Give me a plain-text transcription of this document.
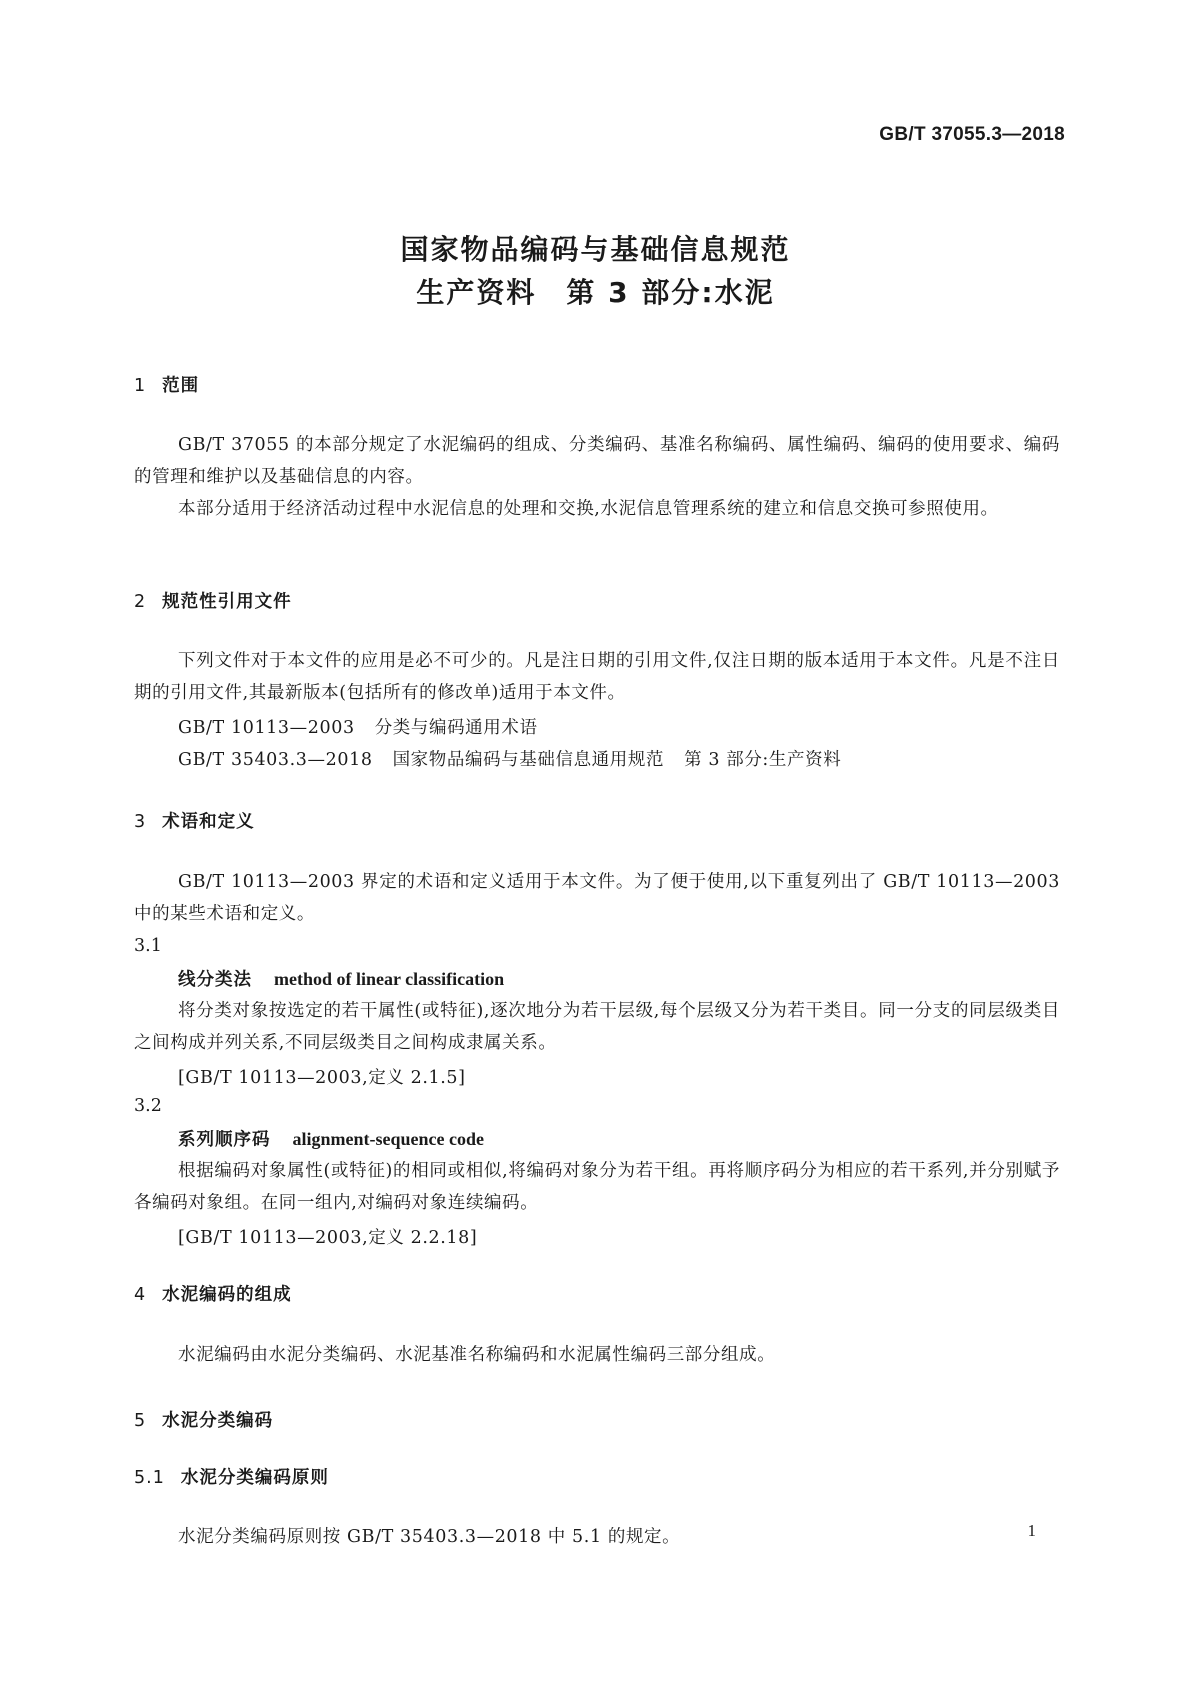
GB/T 37055.3—2018
国家物品编码与基础信息规范
生产资料 第 3 部分:水泥
1 范围
GB/T 37055 的本部分规定了水泥编码的组成、分类编码、基准名称编码、属性编码、编码的使用要求、编码的管理和维护以及基础信息的内容。
本部分适用于经济活动过程中水泥信息的处理和交换,水泥信息管理系统的建立和信息交换可参照使用。
2 规范性引用文件
下列文件对于本文件的应用是必不可少的。凡是注日期的引用文件,仅注日期的版本适用于本文件。凡是不注日期的引用文件,其最新版本(包括所有的修改单)适用于本文件。
GB/T 10113—2003 分类与编码通用术语
GB/T 35403.3—2018 国家物品编码与基础信息通用规范 第 3 部分:生产资料
3 术语和定义
GB/T 10113—2003 界定的术语和定义适用于本文件。为了便于使用,以下重复列出了 GB/T 10113—2003 中的某些术语和定义。
3.1
线分类法 method of linear classification
将分类对象按选定的若干属性(或特征),逐次地分为若干层级,每个层级又分为若干类目。同一分支的同层级类目之间构成并列关系,不同层级类目之间构成隶属关系。
[GB/T 10113—2003,定义 2.1.5]
3.2
系列顺序码 alignment-sequence code
根据编码对象属性(或特征)的相同或相似,将编码对象分为若干组。再将顺序码分为相应的若干系列,并分别赋予各编码对象组。在同一组内,对编码对象连续编码。
[GB/T 10113—2003,定义 2.2.18]
4 水泥编码的组成
水泥编码由水泥分类编码、水泥基准名称编码和水泥属性编码三部分组成。
5 水泥分类编码
5.1 水泥分类编码原则
水泥分类编码原则按 GB/T 35403.3—2018 中 5.1 的规定。	1
